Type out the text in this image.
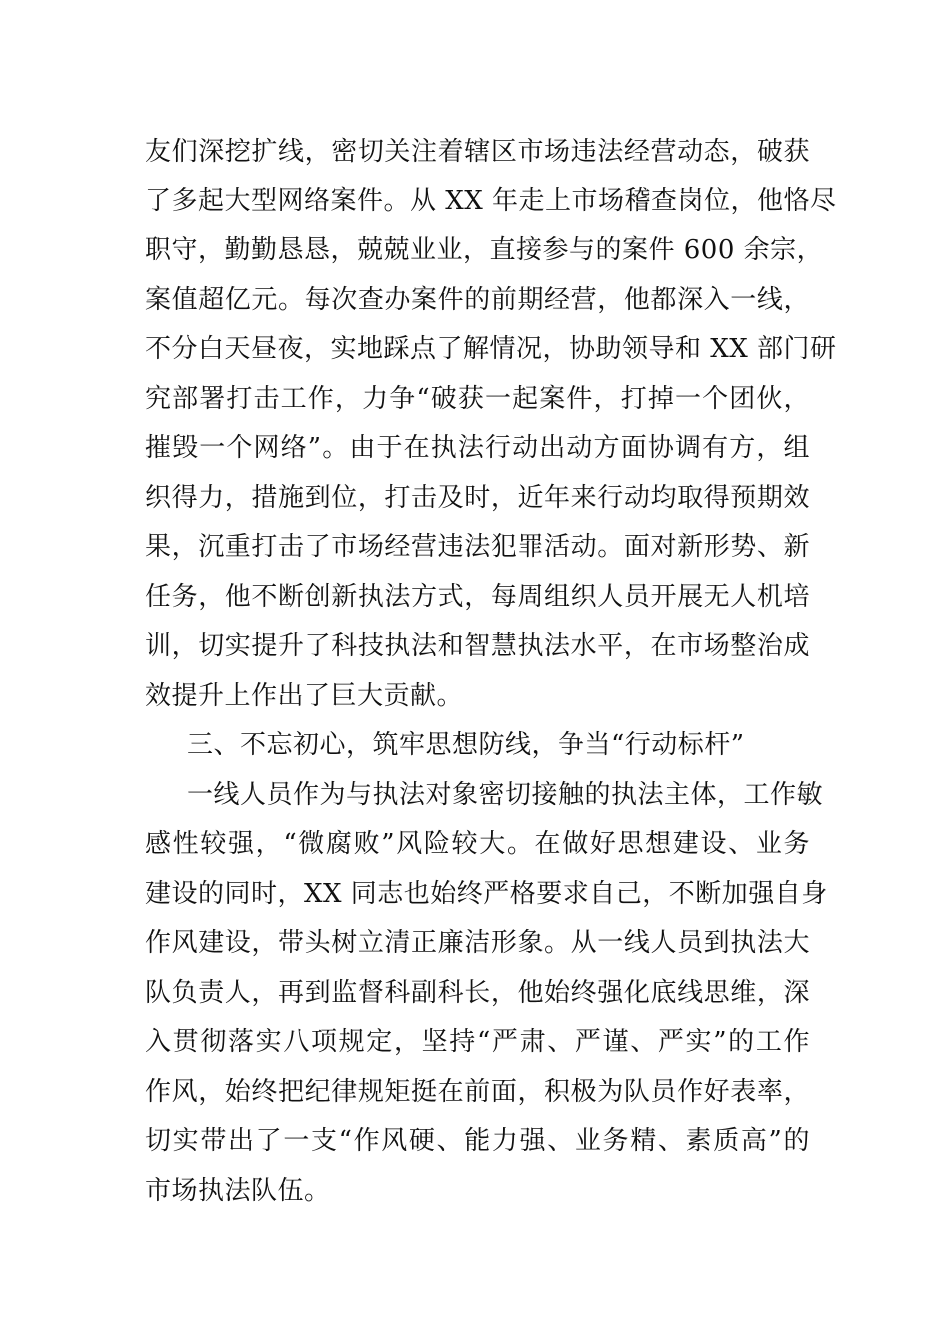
友们深挖扩线，密切关注着辖区市场违法经营动态，破获
了多起大型网络案件。从 XX 年走上市场稽查岗位，他恪尽
职守，勤勤恳恳，兢兢业业，直接参与的案件 600 余宗，
案值超亿元。每次查办案件的前期经营，他都深入一线，
不分白天昼夜，实地踩点了解情况，协助领导和 XX 部门研
究部署打击工作，力争“破获一起案件，打掉一个团伙，
摧毁一个网络”。由于在执法行动出动方面协调有方，组
织得力，措施到位，打击及时，近年来行动均取得预期效
果，沉重打击了市场经营违法犯罪活动。面对新形势、新
任务，他不断创新执法方式，每周组织人员开展无人机培
训，切实提升了科技执法和智慧执法水平，在市场整治成
效提升上作出了巨大贡献。
三、不忘初心，筑牢思想防线，争当“行动标杆”
一线人员作为与执法对象密切接触的执法主体，工作敏
感性较强，“微腐败”风险较大。在做好思想建设、业务
建设的同时，XX 同志也始终严格要求自己，不断加强自身
作风建设，带头树立清正廉洁形象。从一线人员到执法大
队负责人，再到监督科副科长，他始终强化底线思维，深
入贯彻落实八项规定，坚持“严肃、严谨、严实”的工作
作风，始终把纪律规矩挺在前面，积极为队员作好表率，
切实带出了一支“作风硬、能力强、业务精、素质高”的
市场执法队伍。
